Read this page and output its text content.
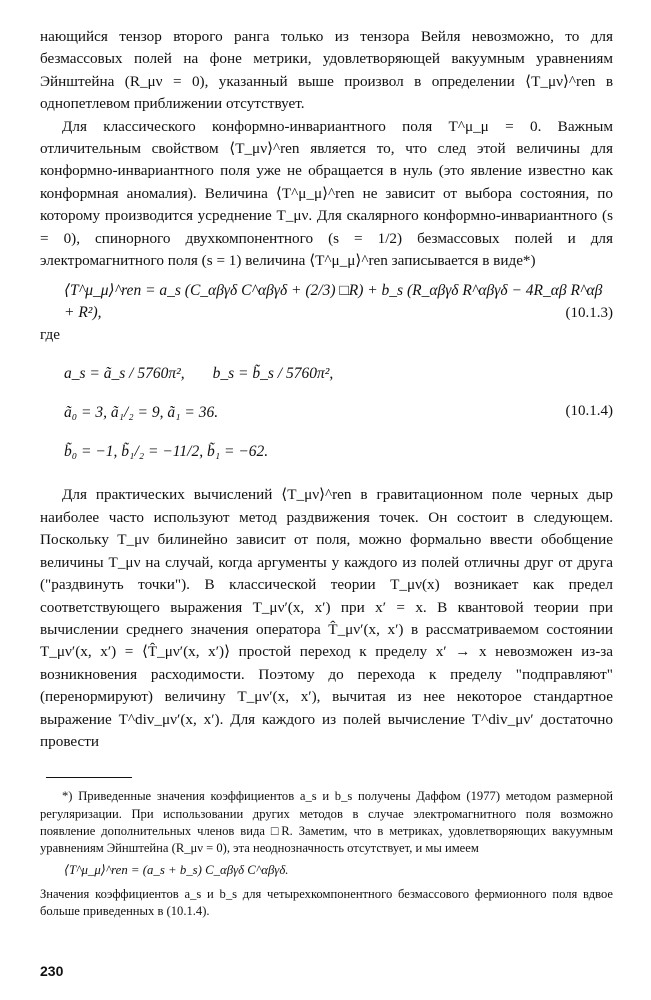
нающийся тензор второго ранга только из тензора Вейля невозможно, то для безмассовых полей на фоне метрики, удовлетворяющей вакуумным уравнениям Эйнштейна (R_μν = 0), указанный выше произвол в определении ⟨T_μν⟩^ren в однопетлевом приближении отсутствует.

Для классического конформно-инвариантного поля T^μ_μ = 0. Важным отличительным свойством ⟨T_μν⟩^ren является то, что след этой величины для конформно-инвариантного поля уже не обращается в нуль (это явление известно как конформная аномалия). Величина ⟨T^μ_μ⟩^ren не зависит от выбора состояния, по которому производится усреднение T_μν. Для скалярного конформно-инвариантного (s = 0), спинорного двухкомпонентного (s = 1/2) безмассовых полей и для электромагнитного поля (s = 1) величина ⟨T^μ_μ⟩^ren записывается в виде*)

⟨T^μ_μ⟩^ren = a_s (C_αβγδ C^αβγδ + (2/3) □R) + b_s (R_αβγδ R^αβγδ − 4R_αβ R^αβ + R²),	(10.1.3)
где
a_s = ã_s / 5760π², b_s = b̃_s / 5760π²,
ã₀ = 3, ã₁/₂ = 9, ã₁ = 36.
b̃₀ = −1, b̃₁/₂ = −11/2, b̃₁ = −62.
(10.1.4)

Для практических вычислений ⟨T_μν⟩^ren в гравитационном поле черных дыр наиболее часто используют метод раздвижения точек. Он состоит в следующем. Поскольку T_μν билинейно зависит от поля, можно формально ввести обобщение величины T_μν на случай, когда аргументы у каждого из полей отличны друг от друга ("раздвинуть точки"). В классической теории T_μν(x) возникает как предел соответствующего выражения T_μν′(x, x′) при x′ = x. В квантовой теории при вычислении среднего значения оператора T̂_μν′(x, x′) в рассматриваемом состоянии T_μν′(x, x′) = ⟨T̂_μν′(x, x′)⟩ простой переход к пределу x′ → x невозможен из-за возникновения расходимости. Поэтому до перехода к пределу "подправляют" (перенормируют) величину T_μν′(x, x′), вычитая из нее некоторое стандартное выражение T^div_μν′(x, x′). Для каждого из полей вычисление T^div_μν′ достаточно провести

*) Приведенные значения коэффициентов a_s и b_s получены Даффом (1977) методом размерной регуляризации. При использовании других методов в случае электромагнитного поля возможно появление дополнительных членов вида □R. Заметим, что в метриках, удовлетворяющих вакуумным уравнениям Эйнштейна (R_μν = 0), эта неоднозначность отсутствует, и мы имеем

⟨T^μ_μ⟩^ren = (a_s + b_s) C_αβγδ C^αβγδ.

Значения коэффициентов a_s и b_s для четырехкомпонентного безмассового фермионного поля вдвое больше приведенных в (10.1.4).

230
